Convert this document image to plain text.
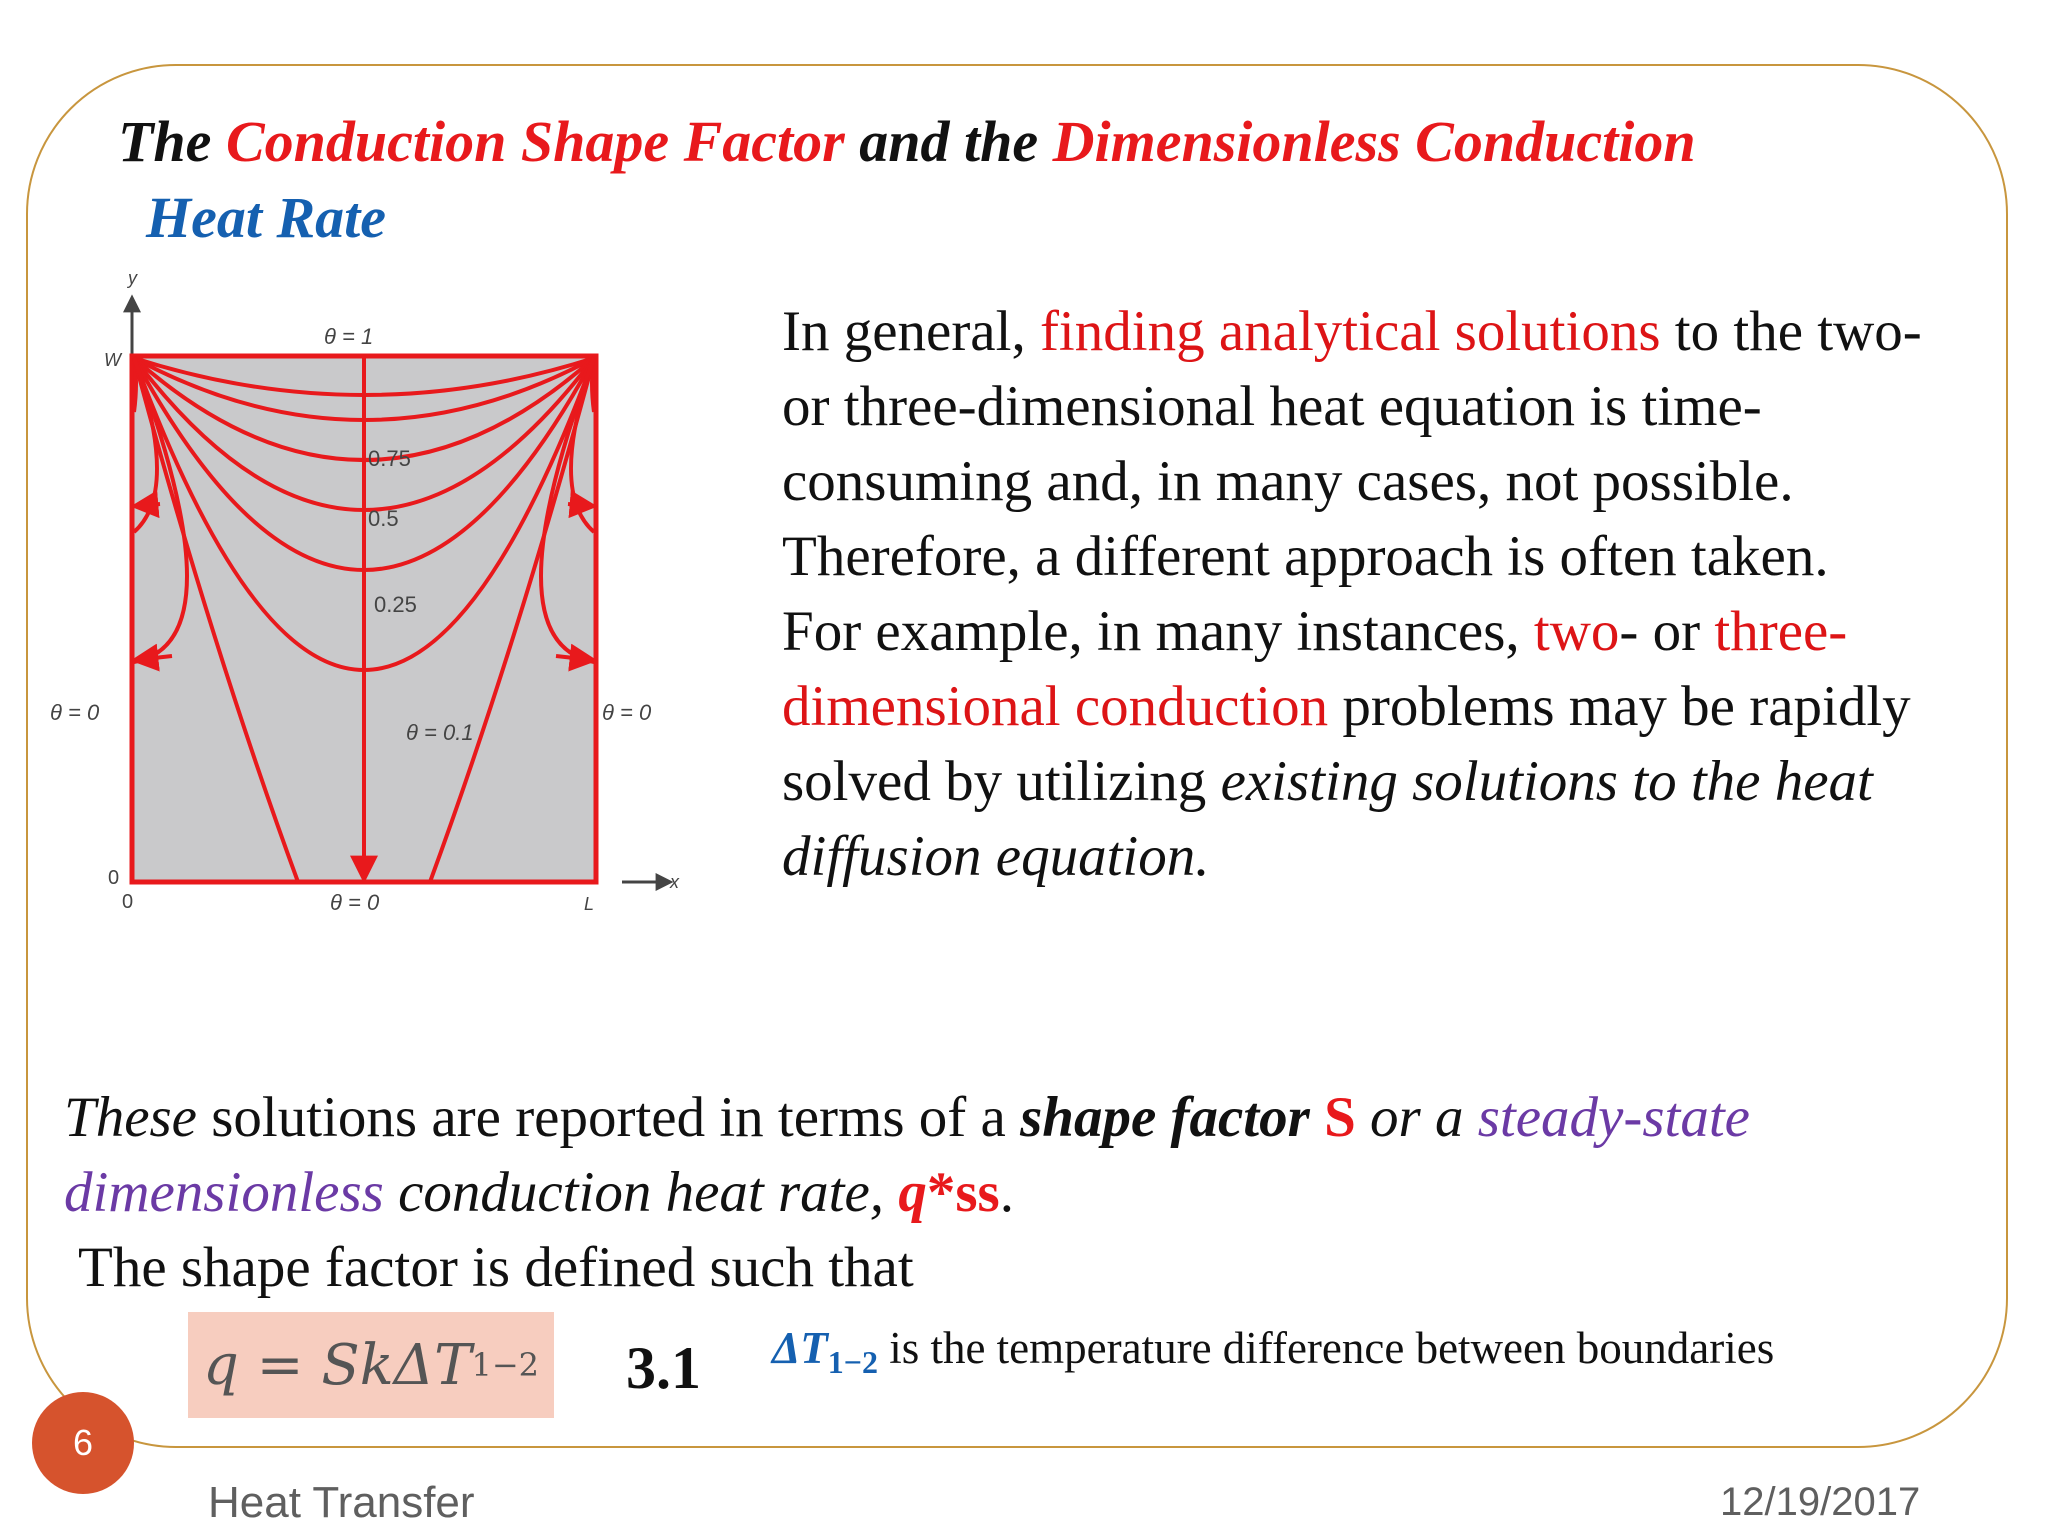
The Conduction Shape Factor and the Dimensionless Conduction
Heat Rate
y
x
W
L
0
0
θ = 1
θ = 0	θ = 0
θ = 0
0.75
0.5
0.25
θ = 0.1
In general, finding analytical solutions to the two- or three-dimensional heat equation is time-consuming and, in many cases, not possible.
Therefore, a different approach is often taken.
For example, in many instances, two- or three-dimensional conduction problems may be rapidly solved by utilizing existing solutions to the heat diffusion equation.
These solutions are reported in terms of a shape factor S or a steady-state dimensionless conduction heat rate, q*ss.

The shape factor is defined such that
q = SkΔT 1−2 3.1 $\Delta T_{1-2}$ is the temperature difference between boundaries
6
Heat Transfer	12/19/2017
